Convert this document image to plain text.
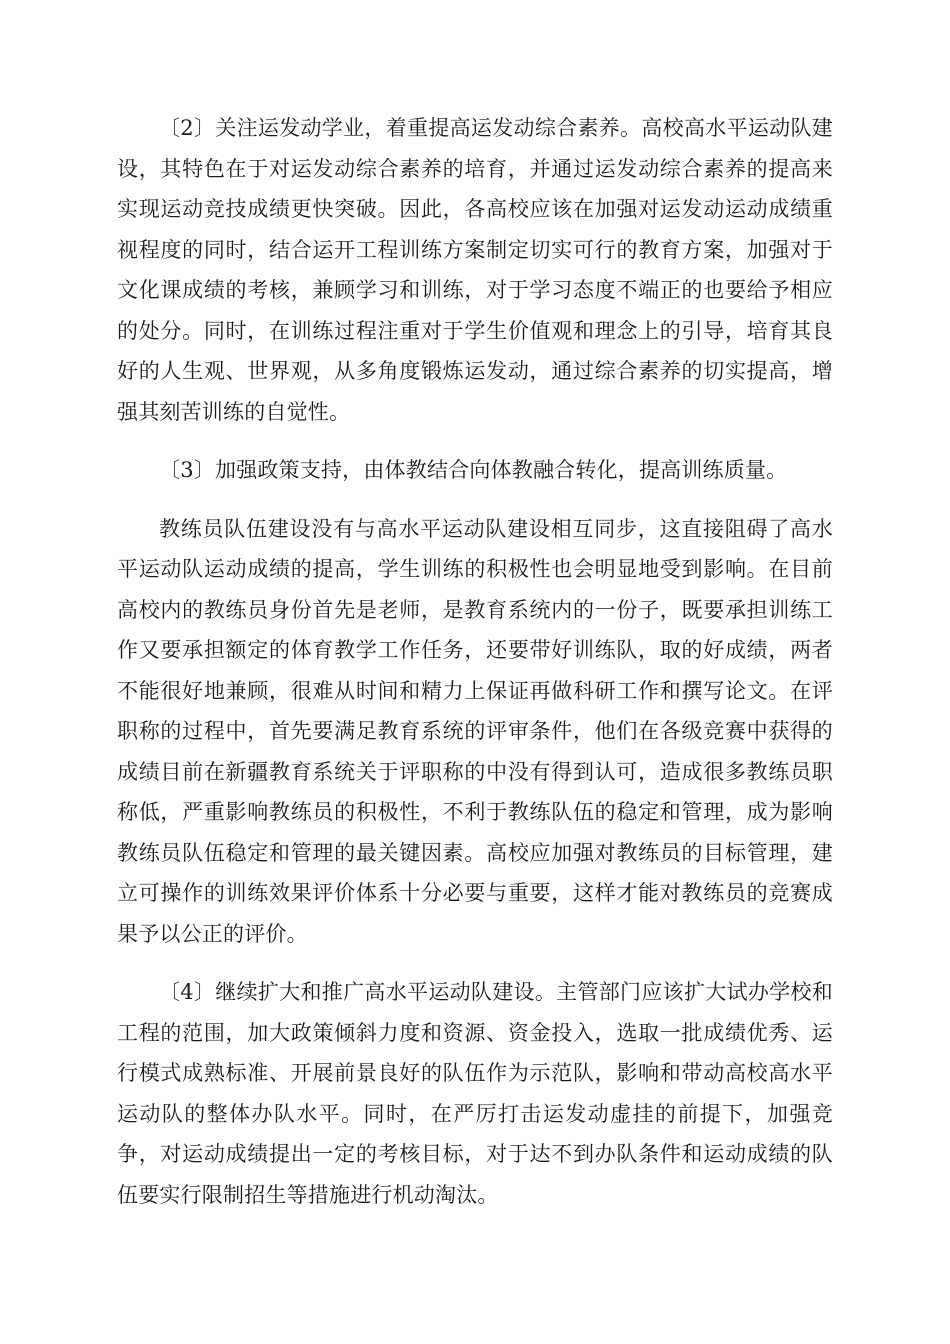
〔2〕关注运发动学业，着重提高运发动综合素养。高校高水平运动队建设，其特色在于对运发动综合素养的培育，并通过运发动综合素养的提高来实现运动竞技成绩更快突破。因此，各高校应该在加强对运发动运动成绩重视程度的同时，结合运开工程训练方案制定切实可行的教育方案，加强对于文化课成绩的考核，兼顾学习和训练，对于学习态度不端正的也要给予相应的处分。同时，在训练过程注重对于学生价值观和理念上的引导，培育其良好的人生观、世界观，从多角度锻炼运发动，通过综合素养的切实提高，增强其刻苦训练的自觉性。

〔3〕加强政策支持，由体教结合向体教融合转化，提高训练质量。

教练员队伍建设没有与高水平运动队建设相互同步，这直接阻碍了高水平运动队运动成绩的提高，学生训练的积极性也会明显地受到影响。在目前高校内的教练员身份首先是老师，是教育系统内的一份子，既要承担训练工作又要承担额定的体育教学工作任务，还要带好训练队，取的好成绩，两者不能很好地兼顾，很难从时间和精力上保证再做科研工作和撰写论文。在评职称的过程中，首先要满足教育系统的评审条件，他们在各级竞赛中获得的成绩目前在新疆教育系统关于评职称的中没有得到认可，造成很多教练员职称低，严重影响教练员的积极性，不利于教练队伍的稳定和管理，成为影响教练员队伍稳定和管理的最关键因素。高校应加强对教练员的目标管理，建立可操作的训练效果评价体系十分必要与重要，这样才能对教练员的竞赛成果予以公正的评价。

〔4〕继续扩大和推广高水平运动队建设。主管部门应该扩大试办学校和工程的范围，加大政策倾斜力度和资源、资金投入，选取一批成绩优秀、运行模式成熟标准、开展前景良好的队伍作为示范队，影响和带动高校高水平运动队的整体办队水平。同时，在严厉打击运发动虚挂的前提下，加强竞争，对运动成绩提出一定的考核目标，对于达不到办队条件和运动成绩的队伍要实行限制招生等措施进行机动淘汰。
